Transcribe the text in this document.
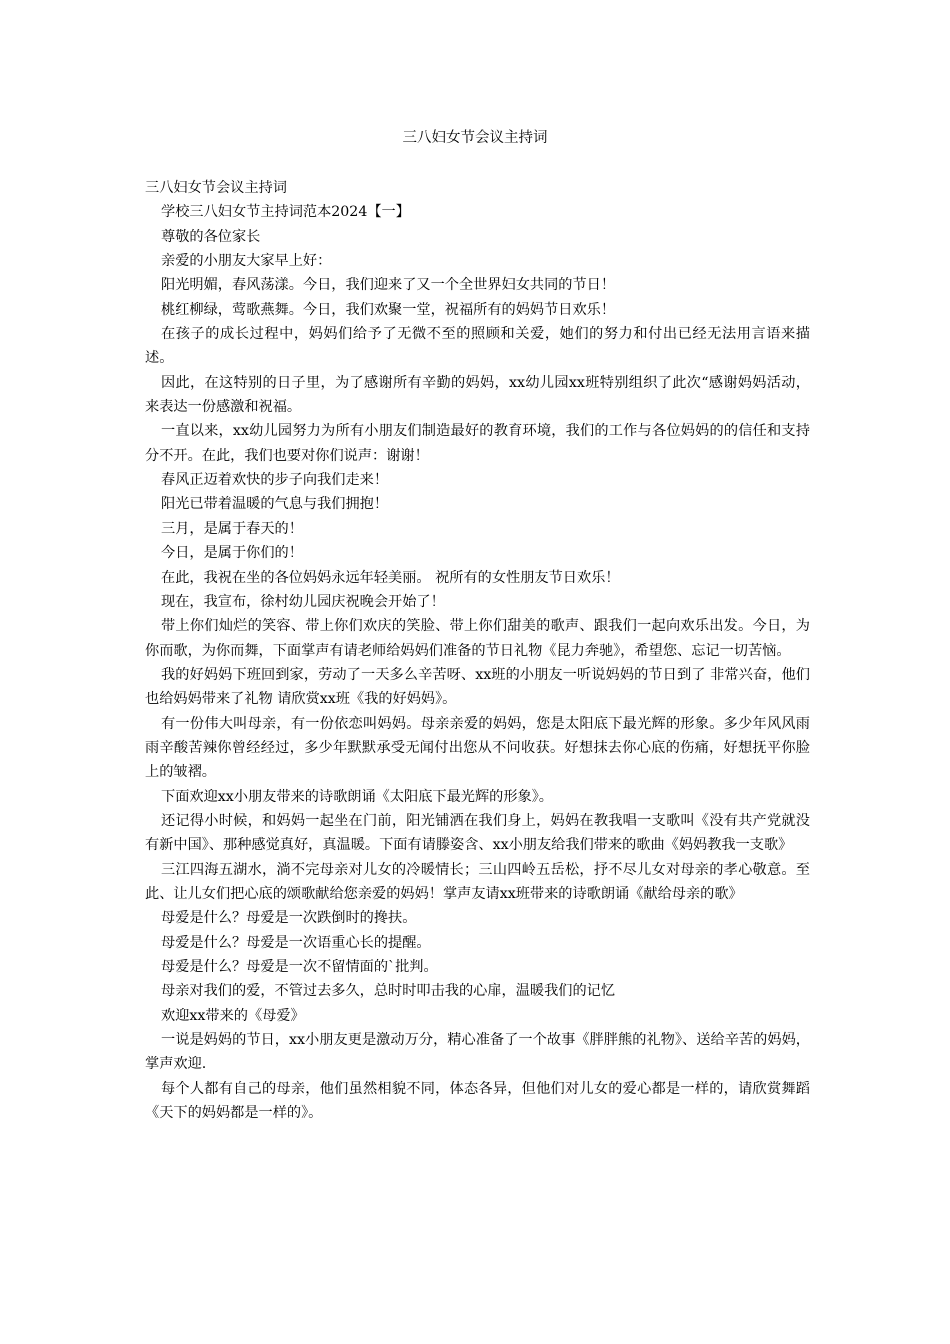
三八妇女节会议主持词

三八妇女节会议主持词

学校三八妇女节主持词范本2024【一】

尊敬的各位家长

亲爱的小朋友大家早上好：

阳光明媚，春风荡漾。今日，我们迎来了又一个全世界妇女共同的节日！

桃红柳绿，莺歌燕舞。今日，我们欢聚一堂，祝福所有的妈妈节日欢乐！

在孩子的成长过程中，妈妈们给予了无微不至的照顾和关爱，她们的努力和付出已经无法用言语来描述。

因此，在这特别的日子里，为了感谢所有辛勤的妈妈，xx幼儿园xx班特别组织了此次“感谢妈妈活动，来表达一份感激和祝福。

一直以来，xx幼儿园努力为所有小朋友们制造最好的教育环境，我们的工作与各位妈妈的的信任和支持分不开。在此，我们也要对你们说声：谢谢！

春风正迈着欢快的步子向我们走来！

阳光已带着温暖的气息与我们拥抱！

三月，是属于春天的！

今日，是属于你们的！

在此，我祝在坐的各位妈妈永远年轻美丽。 祝所有的女性朋友节日欢乐！

现在，我宣布，徐村幼儿园庆祝晚会开始了！

带上你们灿烂的笑容、带上你们欢庆的笑脸、带上你们甜美的歌声、跟我们一起向欢乐出发。今日，为你而歌，为你而舞，下面掌声有请老师给妈妈们准备的节日礼物《昆力奔驰》，希望您、忘记一切苦恼。

我的好妈妈下班回到家，劳动了一天多么辛苦呀、xx班的小朋友一听说妈妈的节日到了 非常兴奋，他们也给妈妈带来了礼物 请欣赏xx班《我的好妈妈》。

有一份伟大叫母亲，有一份依恋叫妈妈。母亲亲爱的妈妈，您是太阳底下最光辉的形象。多少年风风雨雨辛酸苦辣你曾经经过，多少年默默承受无闻付出您从不问收获。好想抹去你心底的伤痛，好想抚平你脸上的皱褶。

下面欢迎xx小朋友带来的诗歌朗诵《太阳底下最光辉的形象》。

还记得小时候，和妈妈一起坐在门前，阳光铺洒在我们身上，妈妈在教我唱一支歌叫《没有共产党就没有新中国》、那种感觉真好，真温暖。下面有请滕姿含、xx小朋友给我们带来的歌曲《妈妈教我一支歌》

三江四海五湖水，淌不完母亲对儿女的冷暖情长；三山四岭五岳松，抒不尽儿女对母亲的孝心敬意。至此、让儿女们把心底的颂歌献给您亲爱的妈妈！掌声友请xx班带来的诗歌朗诵《献给母亲的歌》

母爱是什么？母爱是一次跌倒时的搀扶。

母爱是什么？母爱是一次语重心长的提醒。

母爱是什么？母爱是一次不留情面的`批判。

母亲对我们的爱，不管过去多久，总时时叩击我的心扉，温暖我们的记忆

欢迎xx带来的《母爱》

一说是妈妈的节日，xx小朋友更是激动万分，精心准备了一个故事《胖胖熊的礼物》、送给辛苦的妈妈，掌声欢迎.

每个人都有自己的母亲，他们虽然相貌不同，体态各异，但他们对儿女的爱心都是一样的，请欣赏舞蹈《天下的妈妈都是一样的》。
